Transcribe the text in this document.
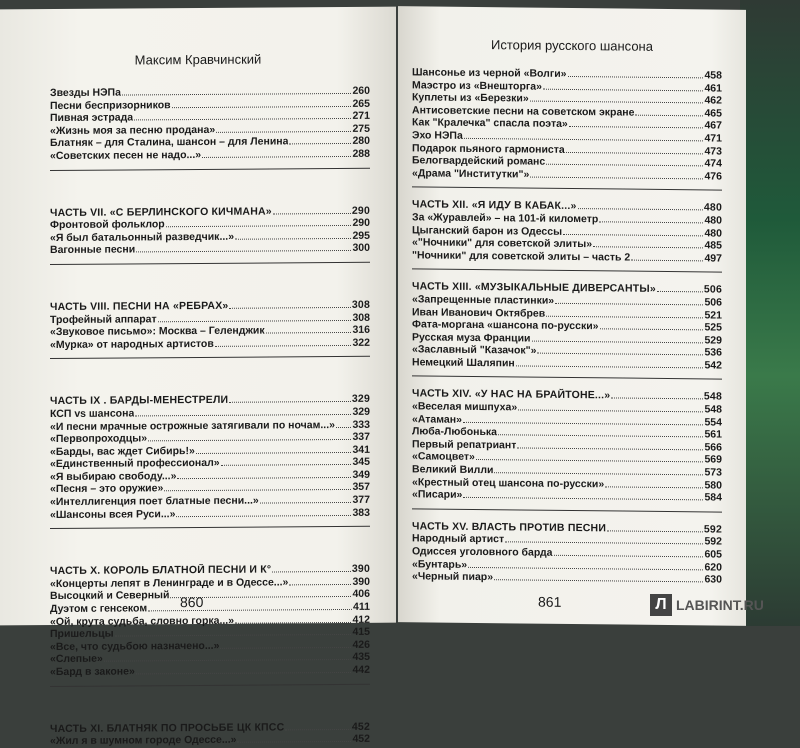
Максим Кравчинский
Звезды НЭПа	260
Песни беспризорников	265
Пивная эстрада	271
«Жизнь моя за песню продана»	275
Блатняк – для Сталина, шансон – для Ленина	280
«Советских песен не надо...»	288
ЧАСТЬ VII. «С БЕРЛИНСКОГО КИЧМАНА»	290
Фронтовой фольклор	290
«Я был батальонный разведчик...»	295
Вагонные песни	300
ЧАСТЬ VIII. ПЕСНИ НА «РЕБРАХ»	308
Трофейный аппарат	308
«Звуковое письмо»: Москва – Геленджик	316
«Мурка» от народных артистов	322
ЧАСТЬ IX . БАРДЫ-МЕНЕСТРЕЛИ	329
КСП vs шансона	329
«И песни мрачные острожные затягивали по ночам...» 333
«Первопроходцы»	337
«Барды, вас ждет Сибирь!»	341
«Единственный профессионал»	345
«Я выбираю свободу...»	349
«Песня – это оружие»	357
«Интеллигенция поет блатные песни...»	377
«Шансоны всея Руси...»	383
ЧАСТЬ X. КОРОЛЬ БЛАТНОЙ ПЕСНИ И К°	390
«Концерты лепят в Ленинграде и в Одессе...»	390
Высоцкий и Северный	406
Дуэтом с генсеком	411
«Ой, крута судьба, словно горка...»	412
Пришельцы	415
«Все, что судьбою назначено...»	426
«Слепые»	435
«Бард в законе»	442
ЧАСТЬ XI. БЛАТНЯК ПО ПРОСЬБЕ ЦК КПСС	452
«Жил я в шумном городе Одессе...»	452
860
История русского шансона
Шансонье из черной «Волги»	458
Маэстро из «Внешторга»	461
Куплеты из «Березки»	462
Антисоветские песни на советском экране	465
Как "Кралечка" спасла поэта»	467
Эхо НЭПа	471
Подарок пьяного гармониста	473
Белогвардейский романс	474
«Драма "Институтки"»	476
ЧАСТЬ XII. «Я ИДУ В КАБАК...»	480
За «Журавлей» – на 101-й километр	480
Цыганский барон из Одессы	480
«"Ночники" для советской элиты»	485
"Ночники" для советской элиты – часть 2	497
ЧАСТЬ XIII. «МУЗЫКАЛЬНЫЕ ДИВЕРСАНТЫ»	506
«Запрещенные пластинки»	506
Иван Иванович Октябрев	521
Фата-моргана «шансона по-русски»	525
Русская муза Франции	529
«Заславный "Казачок"»	536
Немецкий Шаляпин	542
ЧАСТЬ XIV. «У НАС НА БРАЙТОНЕ...»	548
«Веселая мишпуха»	548
«Атаман»	554
Люба-Любонька	561
Первый репатриант	566
«Самоцвет»	569
Великий Вилли	573
«Крестный отец шансона по-русски»	580
«Писари»	584
ЧАСТЬ XV. ВЛАСТЬ ПРОТИВ ПЕСНИ	592
Народный артист	592
Одиссея уголовного барда	605
«Бунтарь»	620
«Черный пиар»	630
861	Л LABIRINT.RU
